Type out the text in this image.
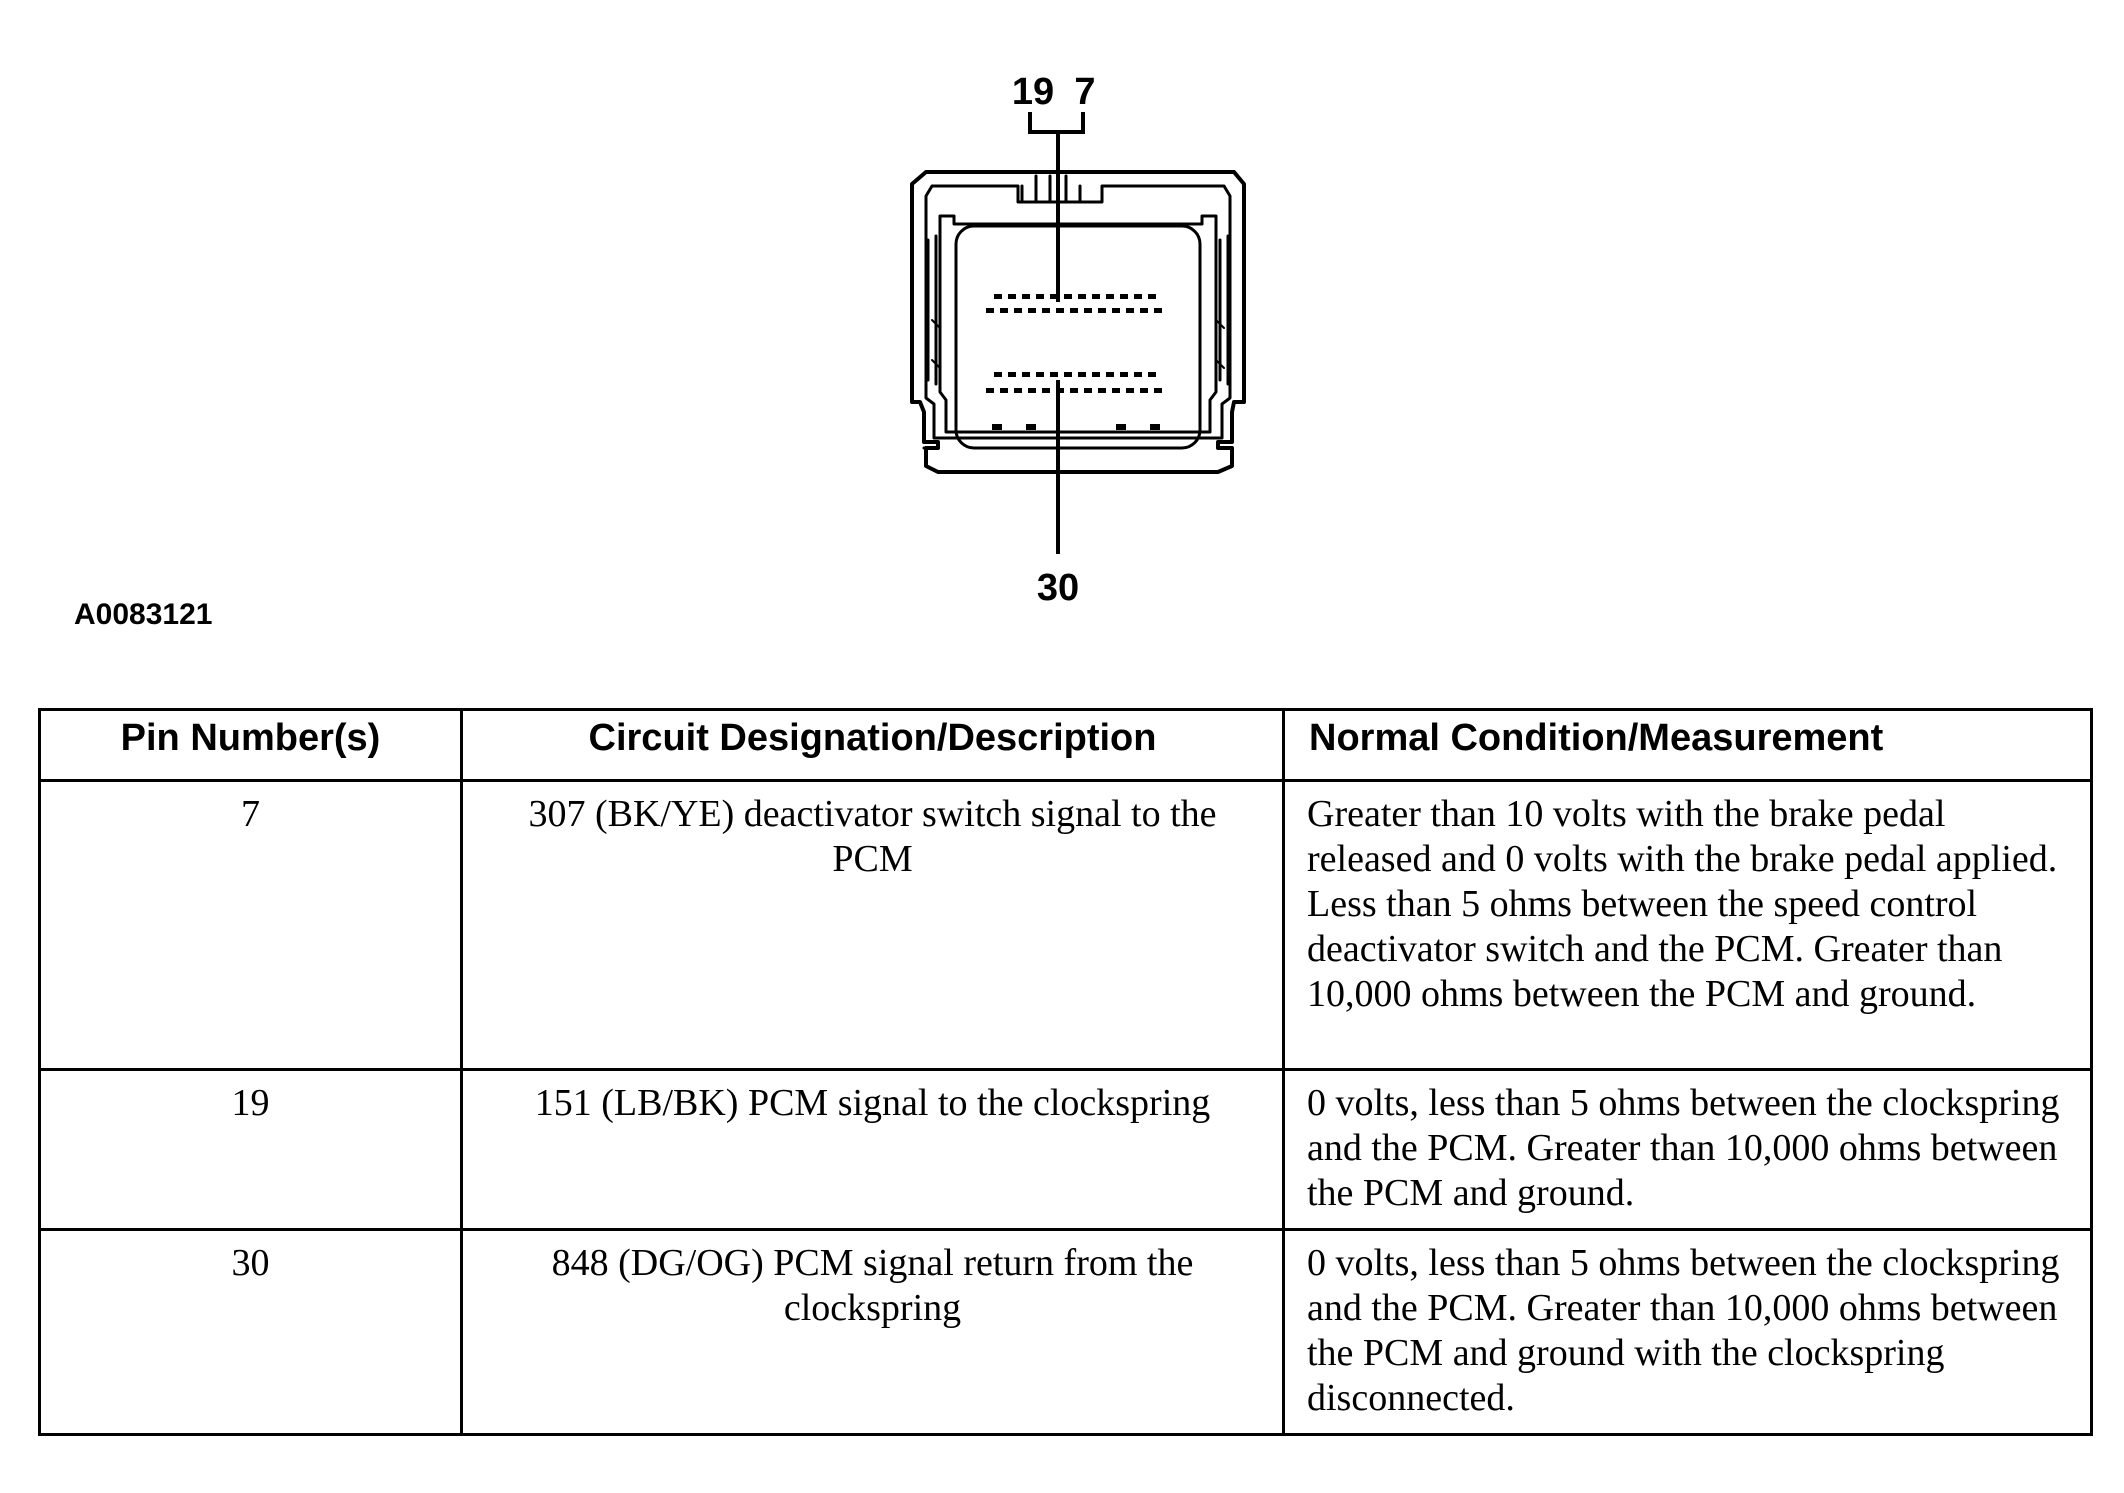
19 7
30
A0083121
Pin Number(s)	Circuit Designation/Description	Normal Condition/Measurement
7	307 (BK/YE) deactivator switch signal to the PCM	Greater than 10 volts with the brake pedal released and 0 volts with the brake pedal applied. Less than 5 ohms between the speed control deactivator switch and the PCM. Greater than 10,000 ohms between the PCM and ground.
19	151 (LB/BK) PCM signal to the clockspring	0 volts, less than 5 ohms between the clockspring and the PCM. Greater than 10,000 ohms between the PCM and ground.
30	848 (DG/OG) PCM signal return from the clockspring	0 volts, less than 5 ohms between the clockspring and the PCM. Greater than 10,000 ohms between the PCM and ground with the clockspring disconnected.
